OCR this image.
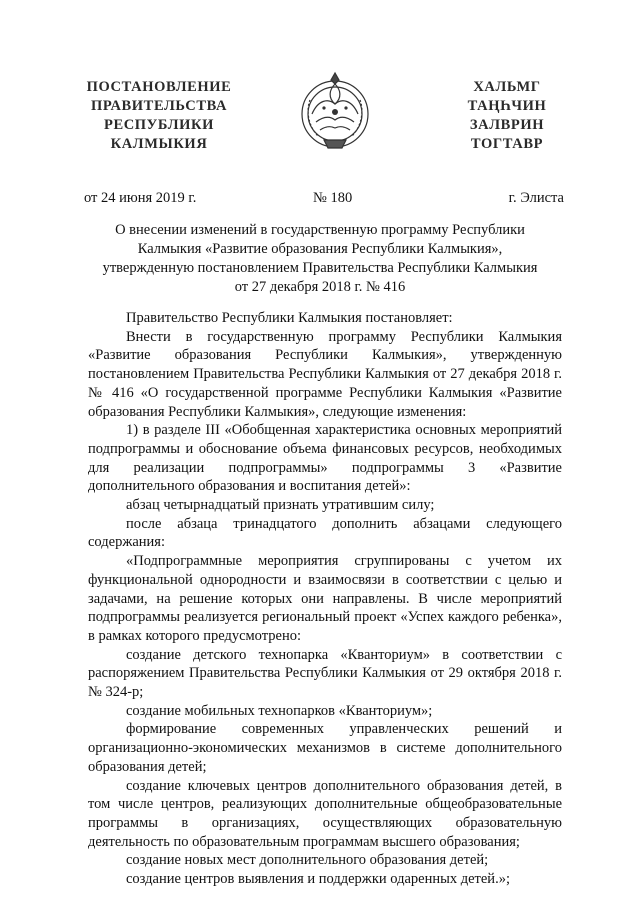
ПОСТАНОВЛЕНИЕ
ПРАВИТЕЛЬСТВА
РЕСПУБЛИКИ
КАЛМЫКИЯ
ХАЛЬМГ
ТАҢҺЧИН
ЗАЛВРИН
ТОГТАВР
от 24 июня 2019 г.	№ 180	г. Элиста
О внесении изменений в государственную программу Республики
Калмыкия «Развитие образования Республики Калмыкия»,
утвержденную постановлением Правительства Республики Калмыкия
от 27 декабря 2018 г. № 416

Правительство Республики Калмыкия постановляет:

Внести в государственную программу Республики Калмыкия «Развитие образования Республики Калмыкия», утвержденную постановлением Правительства Республики Калмыкия от 27 декабря 2018 г. № 416 «О государственной программе Республики Калмыкия «Развитие образования Республики Калмыкия», следующие изменения:

1) в разделе III «Обобщенная характеристика основных мероприятий подпрограммы и обоснование объема финансовых ресурсов, необходимых для реализации подпрограммы» подпрограммы 3 «Развитие дополнительного образования и воспитания детей»:

абзац четырнадцатый признать утратившим силу;

после абзаца тринадцатого дополнить абзацами следующего содержания:

«Подпрограммные мероприятия сгруппированы с учетом их функциональной однородности и взаимосвязи в соответствии с целью и задачами, на решение которых они направлены. В числе мероприятий подпрограммы реализуется региональный проект «Успех каждого ребенка», в рамках которого предусмотрено:

создание детского технопарка «Кванториум» в соответствии с распоряжением Правительства Республики Калмыкия от 29 октября 2018 г. № 324-р;

создание мобильных технопарков «Кванториум»;

формирование современных управленческих решений и организационно-экономических механизмов в системе дополнительного образования детей;

создание ключевых центров дополнительного образования детей, в том числе центров, реализующих дополнительные общеобразовательные программы в организациях, осуществляющих образовательную деятельность по образовательным программам высшего образования;

создание новых мест дополнительного образования детей;

создание центров выявления и поддержки одаренных детей.»;
